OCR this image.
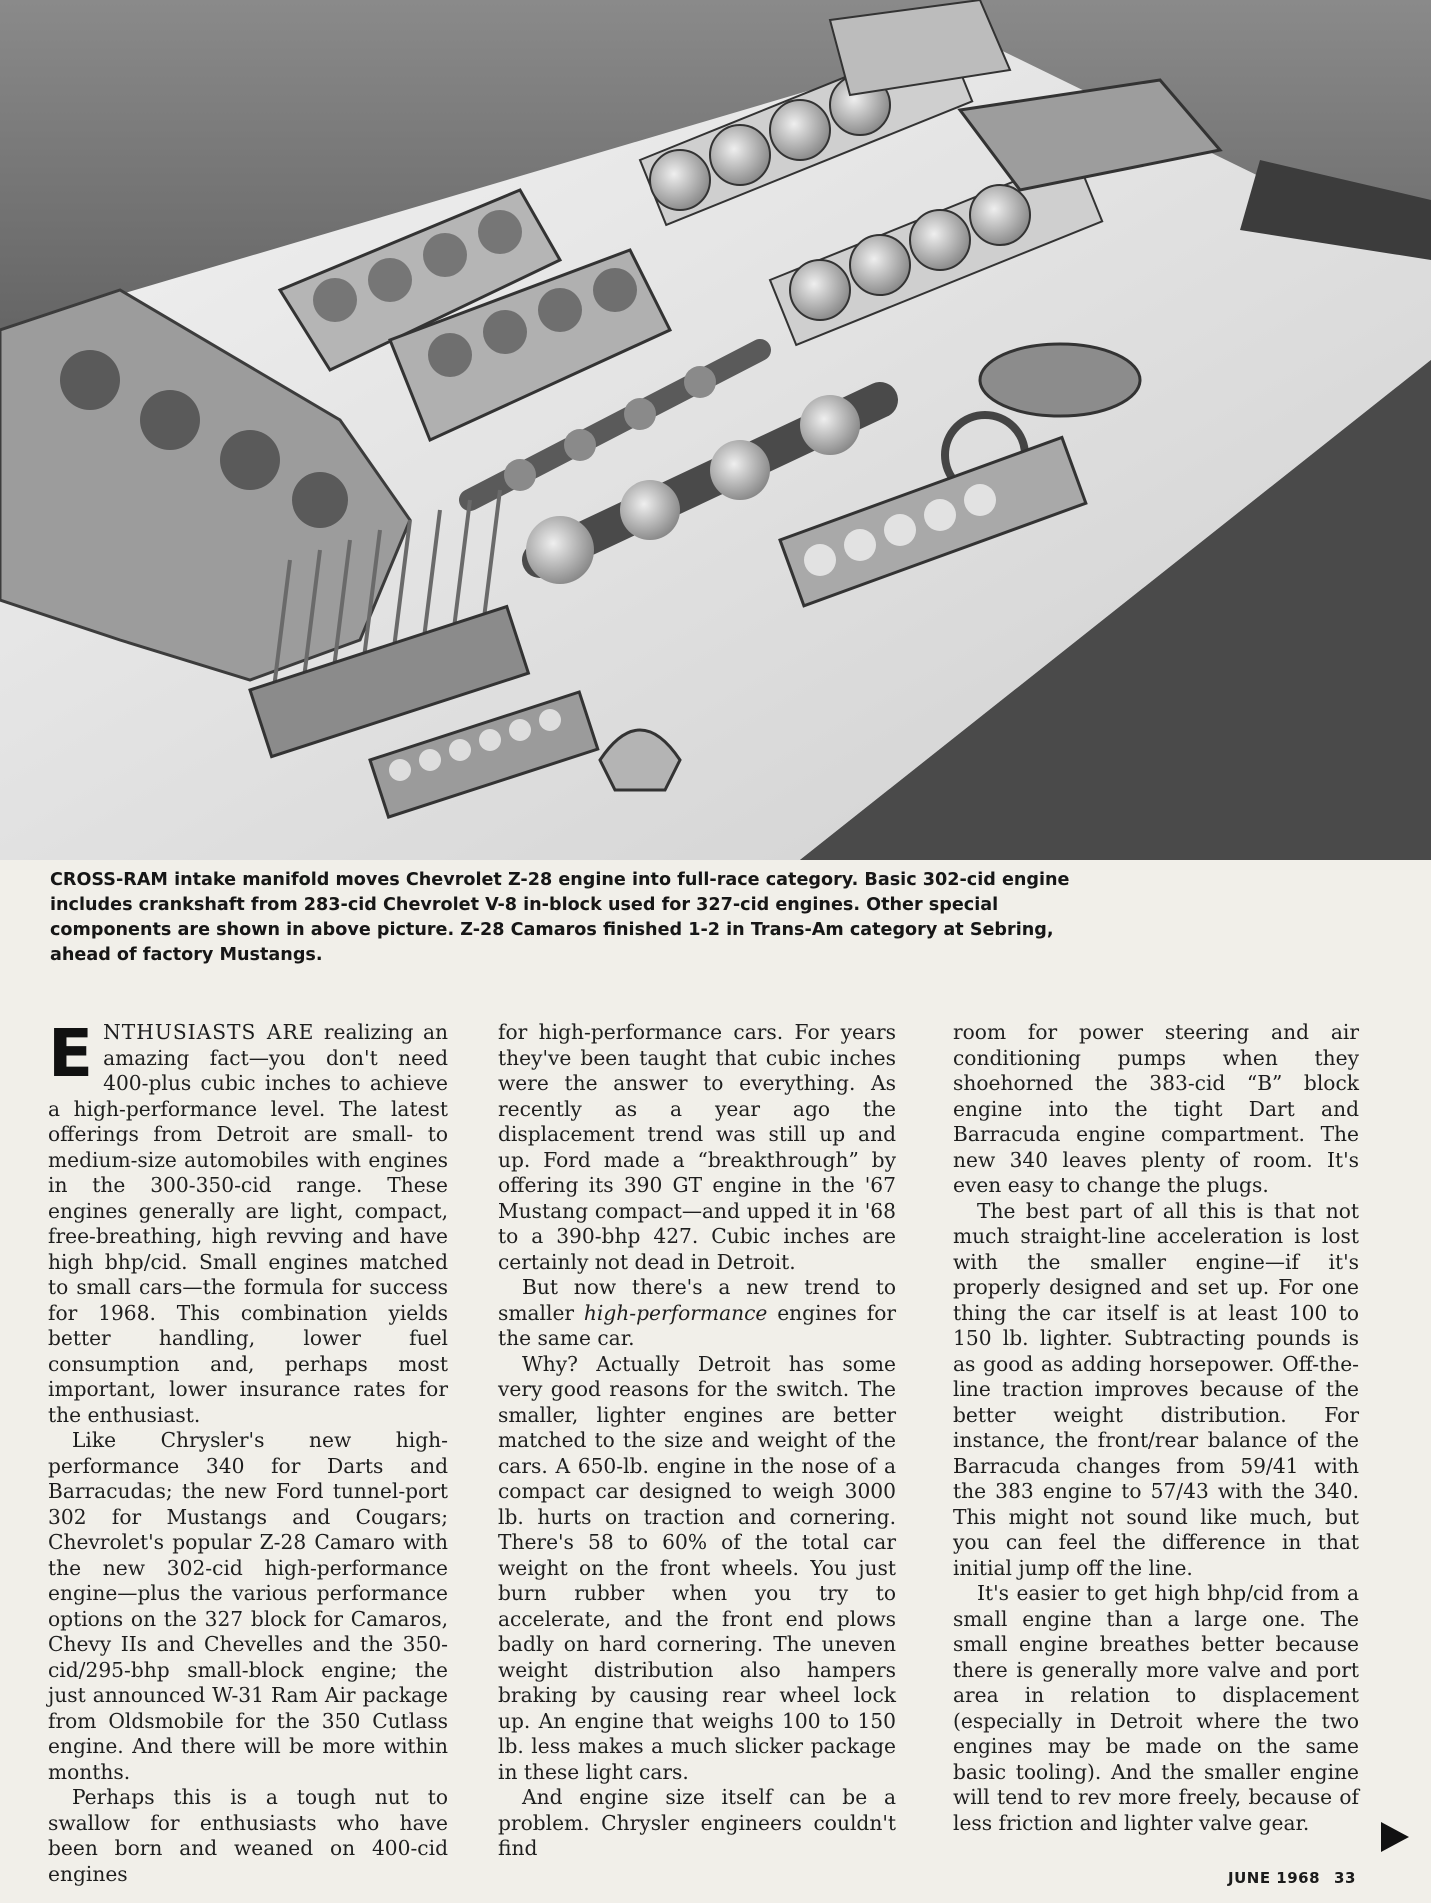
CROSS-RAM intake manifold moves Chevrolet Z-28 engine into full-race category. Basic 302-cid engine includes crankshaft from 283-cid Chevrolet V-8 in-block used for 327-cid engines. Other special components are shown in above picture. Z-28 Camaros finished 1-2 in Trans-Am category at Sebring, ahead of factory Mustangs.

ENTHUSIASTS ARE realizing an amazing fact—you don't need 400-plus cubic inches to achieve a high-performance level. The latest offerings from Detroit are small- to medium-size automobiles with engines in the 300-350-cid range. These engines generally are light, compact, free-breathing, high revving and have high bhp/cid. Small engines matched to small cars—the formula for success for 1968. This combination yields better handling, lower fuel consumption and, perhaps most important, lower insurance rates for the enthusiast.

Like Chrysler's new high-performance 340 for Darts and Barracudas; the new Ford tunnel-port 302 for Mustangs and Cougars; Chevrolet's popular Z-28 Camaro with the new 302-cid high-performance engine—plus the various performance options on the 327 block for Camaros, Chevy IIs and Chevelles and the 350-cid/295-bhp small-block engine; the just announced W-31 Ram Air package from Oldsmobile for the 350 Cutlass engine. And there will be more within months.

Perhaps this is a tough nut to swallow for enthusiasts who have been born and weaned on 400-cid engines

for high-performance cars. For years they've been taught that cubic inches were the answer to everything. As recently as a year ago the displacement trend was still up and up. Ford made a “breakthrough” by offering its 390 GT engine in the '67 Mustang compact—and upped it in '68 to a 390-bhp 427. Cubic inches are certainly not dead in Detroit.

But now there's a new trend to smaller high-performance engines for the same car.

Why? Actually Detroit has some very good reasons for the switch. The smaller, lighter engines are better matched to the size and weight of the cars. A 650-lb. engine in the nose of a compact car designed to weigh 3000 lb. hurts on traction and cornering. There's 58 to 60% of the total car weight on the front wheels. You just burn rubber when you try to accelerate, and the front end plows badly on hard cornering. The uneven weight distribution also hampers braking by causing rear wheel lock up. An engine that weighs 100 to 150 lb. less makes a much slicker package in these light cars.

And engine size itself can be a problem. Chrysler engineers couldn't find

room for power steering and air conditioning pumps when they shoehorned the 383-cid “B” block engine into the tight Dart and Barracuda engine compartment. The new 340 leaves plenty of room. It's even easy to change the plugs.

The best part of all this is that not much straight-line acceleration is lost with the smaller engine—if it's properly designed and set up. For one thing the car itself is at least 100 to 150 lb. lighter. Subtracting pounds is as good as adding horsepower. Off-the-line traction improves because of the better weight distribution. For instance, the front/rear balance of the Barracuda changes from 59/41 with the 383 engine to 57/43 with the 340. This might not sound like much, but you can feel the difference in that initial jump off the line.

It's easier to get high bhp/cid from a small engine than a large one. The small engine breathes better because there is generally more valve and port area in relation to displacement (especially in Detroit where the two engines may be made on the same basic tooling). And the smaller engine will tend to rev more freely, because of less friction and lighter valve gear.

JUNE 1968 33
